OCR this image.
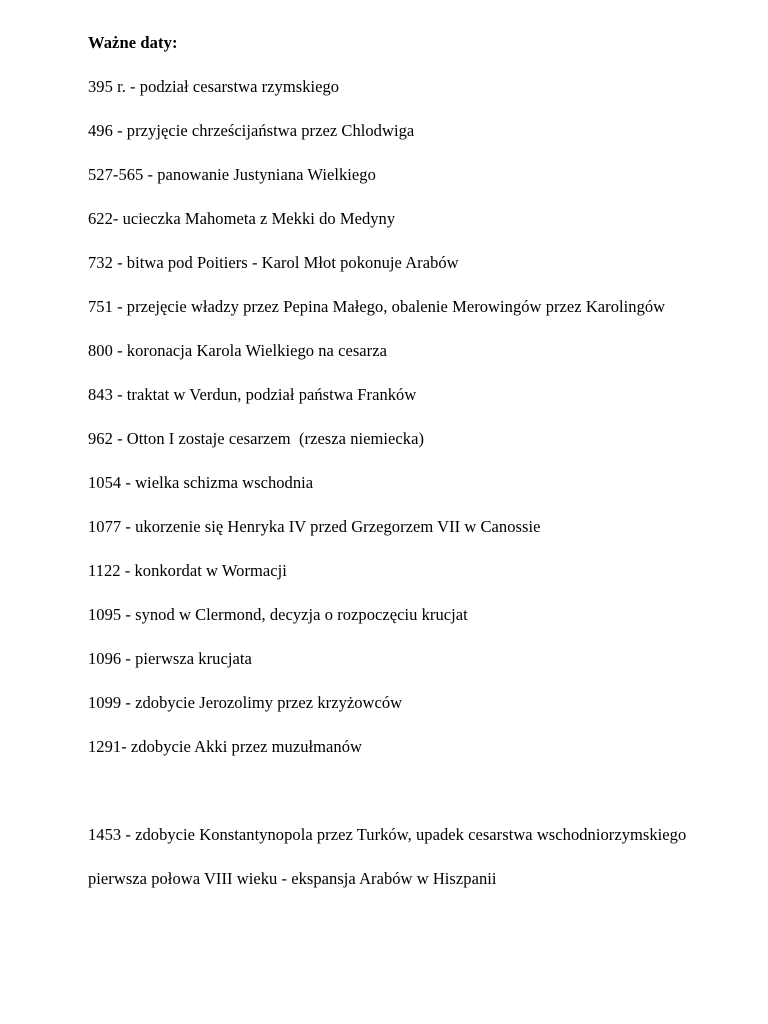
Ważne daty:

395 r. - podział cesarstwa rzymskiego

496 - przyjęcie chrześcijaństwa przez Chlodwiga

527-565 - panowanie Justyniana Wielkiego

622- ucieczka Mahometa z Mekki do Medyny

732 - bitwa pod Poitiers - Karol Młot pokonuje Arabów

751 - przejęcie władzy przez Pepina Małego, obalenie Merowingów przez Karolingów

800 - koronacja Karola Wielkiego na cesarza

843 - traktat w Verdun, podział państwa Franków

962 - Otton I zostaje cesarzem  (rzesza niemiecka)

1054 - wielka schizma wschodnia

1077 - ukorzenie się Henryka IV przed Grzegorzem VII w Canossie

1122 - konkordat w Wormacji

1095 - synod w Clermond, decyzja o rozpoczęciu krucjat

1096 - pierwsza krucjata

1099 - zdobycie Jerozolimy przez krzyżowców

1291- zdobycie Akki przez muzułmanów

1453 - zdobycie Konstantynopola przez Turków, upadek cesarstwa wschodniorzymskiego

pierwsza połowa VIII wieku - ekspansja Arabów w Hiszpanii
